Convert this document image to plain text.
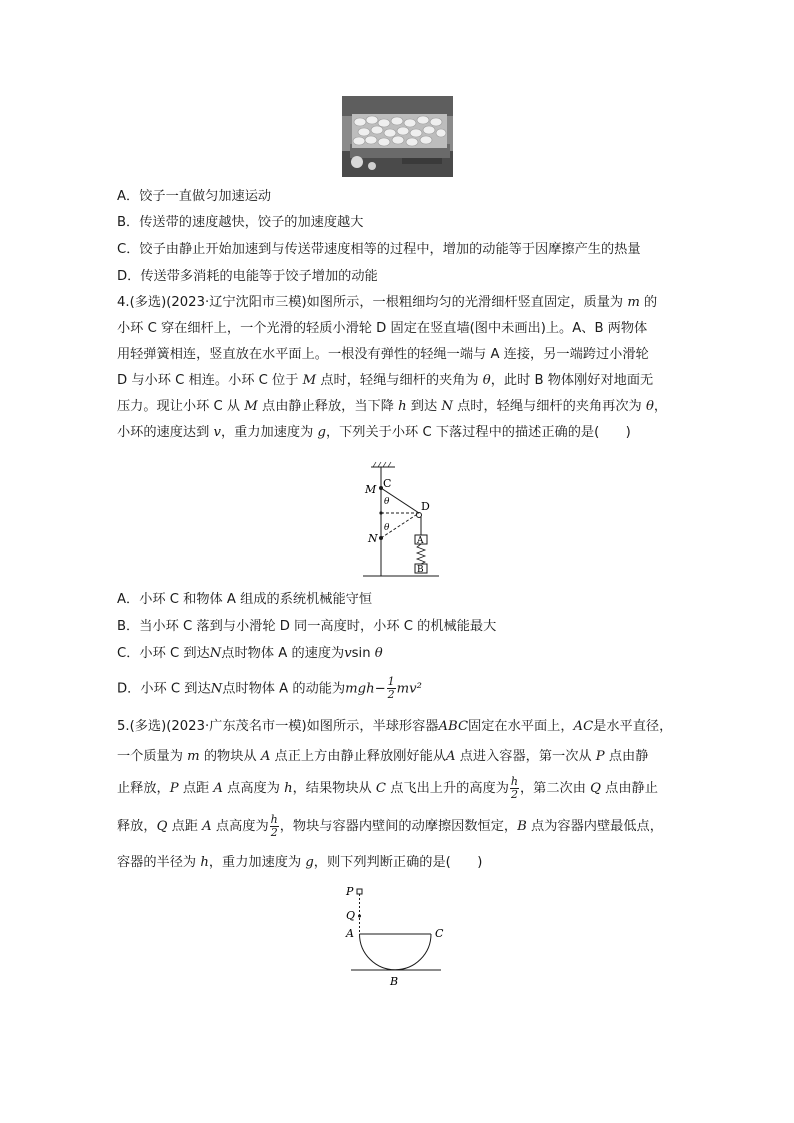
A．饺子一直做匀加速运动
B．传送带的速度越快，饺子的加速度越大
C．饺子由静止开始加速到与传送带速度相等的过程中，增加的动能等于因摩擦产生的热量
D．传送带多消耗的电能等于饺子增加的动能
4.(多选)(2023·辽宁沈阳市三模)如图所示，一根粗细均匀的光滑细杆竖直固定，质量为 m 的
小环 C 穿在细杆上，一个光滑的轻质小滑轮 D 固定在竖直墙(图中未画出)上。A、B 两物体
用轻弹簧相连，竖直放在水平面上。一根没有弹性的轻绳一端与 A 连接，另一端跨过小滑轮
D 与小环 C 相连。小环 C 位于 M 点时，轻绳与细杆的夹角为 θ，此时 B 物体刚好对地面无
压力。现让小环 C 从 M 点由静止释放，当下降 h 到达 N 点时，轻绳与细杆的夹角再次为 θ，
小环的速度达到 v，重力加速度为 g，下列关于小环 C 下落过程中的描述正确的是(　　)
M C
D
θ
θ
N	A
B
A．小环 C 和物体 A 组成的系统机械能守恒
B．当小环 C 落到与小滑轮 D 同一高度时，小环 C 的机械能最大
C．小环 C 到达N点时物体 A 的速度为vsin θ
D．小环 C 到达N点时物体 A 的动能为$mgh- \frac{1}{2} mv^2$
5.(多选)(2023·广东茂名市一模)如图所示，半球形容器ABC固定在水平面上，AC是水平直径，
一个质量为 m 的物块从 A 点正上方由静止释放刚好能从A 点进入容器，第一次从 P 点由静
止释放，P 点距 A 点高度为 h，结果物块从 C 点飞出上升的高度为 $\frac{h}{2}$ ，第二次由 Q 点由静止
释放，Q 点距 A 点高度为 $\frac{h}{2}$ ，物块与容器内壁间的动摩擦因数恒定，B 点为容器内壁最低点，
容器的半径为 h，重力加速度为 g，则下列判断正确的是(　　)
P
Q
A	C
B
